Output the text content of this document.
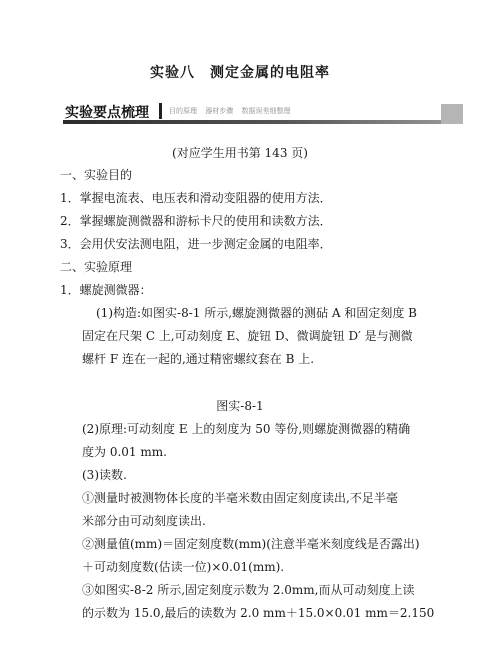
实验八　测定金属的电阻率
实验要点梳理	目的原理 器材步骤 数据误差细整理
(对应学生用书第 143 页)
一、实验目的
1．掌握电流表、电压表和滑动变阻器的使用方法．
2．掌握螺旋测微器和游标卡尺的使用和读数方法．
3．会用伏安法测电阻，进一步测定金属的电阻率．
二、实验原理
1．螺旋测微器：
(1)构造:如图实-8-1 所示,螺旋测微器的测砧 A 和固定刻度 B
固定在尺架 C 上,可动刻度 E、旋钮 D、微调旋钮 D′ 是与测微
螺杆 F 连在一起的,通过精密螺纹套在 B 上.
图实-8-1
(2)原理:可动刻度 E 上的刻度为 50 等份,则螺旋测微器的精确
度为 0.01 mm.
(3)读数.
①测量时被测物体长度的半毫米数由固定刻度读出,不足半毫
米部分由可动刻度读出.
②测量值(mm)＝固定刻度数(mm)(注意半毫米刻度线是否露出)
＋可动刻度数(估读一位)×0.01(mm).
③如图实-8-2 所示,固定刻度示数为 2.0mm,而从可动刻度上读
的示数为 15.0,最后的读数为 2.0 mm＋15.0×0.01 mm＝2.150
